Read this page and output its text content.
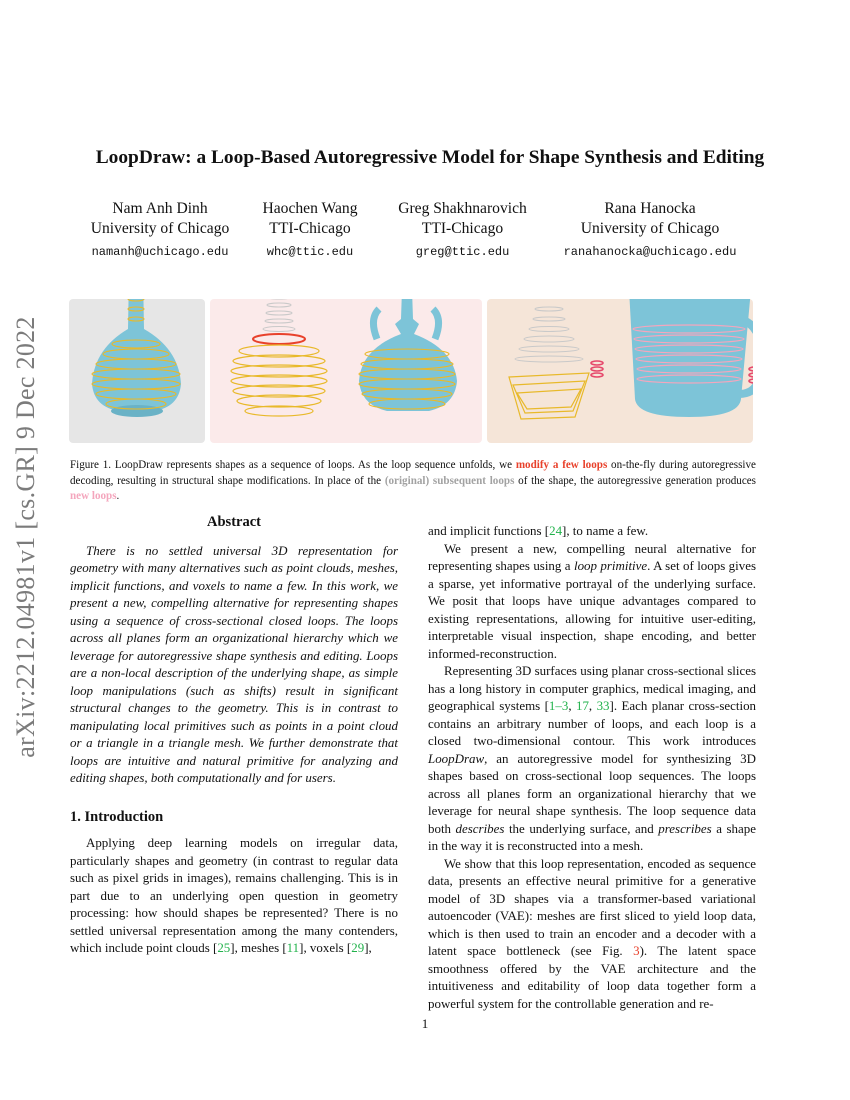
arXiv:2212.04981v1 [cs.GR] 9 Dec 2022
LoopDraw: a Loop-Based Autoregressive Model for Shape Synthesis and Editing
Nam Anh Dinh
University of Chicago
namanh@uchicago.edu
Haochen Wang
TTI-Chicago
whc@ttic.edu
Greg Shakhnarovich
TTI-Chicago
greg@ttic.edu
Rana Hanocka
University of Chicago
ranahanocka@uchicago.edu
Figure 1. LoopDraw represents shapes as a sequence of loops. As the loop sequence unfolds, we modify a few loops on-the-fly during autoregressive decoding, resulting in structural shape modifications. In place of the (original) subsequent loops of the shape, the autoregressive generation produces new loops.
Abstract

There is no settled universal 3D representation for geometry with many alternatives such as point clouds, meshes, implicit functions, and voxels to name a few. In this work, we present a new, compelling alternative for representing shapes using a sequence of cross-sectional closed loops. The loops across all planes form an organizational hierarchy which we leverage for autoregressive shape synthesis and editing. Loops are a non-local description of the underlying shape, as simple loop manipulations (such as shifts) result in significant structural changes to the geometry. This is in contrast to manipulating local primitives such as points in a point cloud or a triangle in a triangle mesh. We further demonstrate that loops are intuitive and natural primitive for analyzing and editing shapes, both computationally and for users.

1. Introduction

Applying deep learning models on irregular data, particularly shapes and geometry (in contrast to regular data such as pixel grids in images), remains challenging. This is in part due to an underlying open question in geometry processing: how should shapes be represented? There is no settled universal representation among the many contenders, which include point clouds [25], meshes [11], voxels [29],

and implicit functions [24], to name a few.

We present a new, compelling neural alternative for representing shapes using a loop primitive. A set of loops gives a sparse, yet informative portrayal of the underlying surface. We posit that loops have unique advantages compared to existing representations, allowing for intuitive user-editing, interpretable visual inspection, shape encoding, and better informed-reconstruction.

Representing 3D surfaces using planar cross-sectional slices has a long history in computer graphics, medical imaging, and geographical systems [1–3, 17, 33]. Each planar cross-section contains an arbitrary number of loops, and each loop is a closed two-dimensional contour. This work introduces LoopDraw, an autoregressive model for synthesizing 3D shapes based on cross-sectional loop sequences. The loops across all planes form an organizational hierarchy that we leverage for neural shape synthesis. The loop sequence data both describes the underlying surface, and prescribes a shape in the way it is reconstructed into a mesh.

We show that this loop representation, encoded as sequence data, presents an effective neural primitive for a generative model of 3D shapes via a transformer-based variational autoencoder (VAE): meshes are first sliced to yield loop data, which is then used to train an encoder and a decoder with a latent space bottleneck (see Fig. 3). The latent space smoothness offered by the VAE architecture and the intuitiveness and editability of loop data together form a powerful system for the controllable generation and re-

1
